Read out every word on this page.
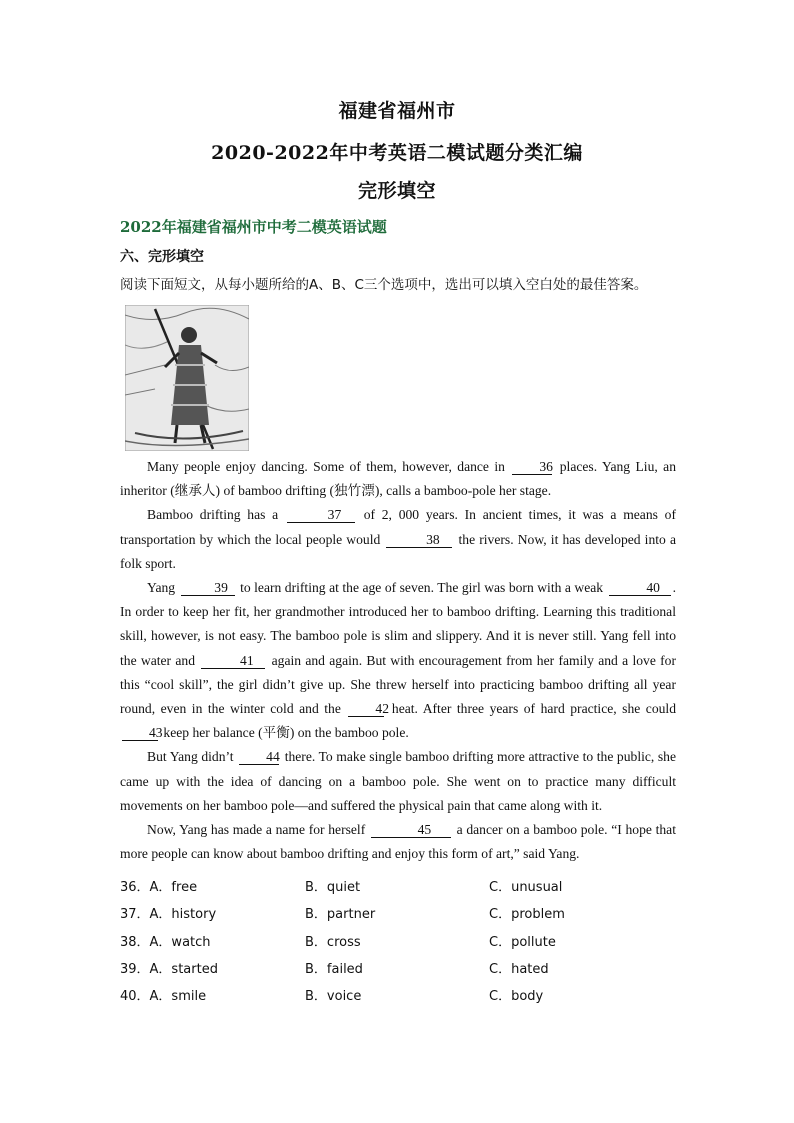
福建省福州市
2020-2022年中考英语二模试题分类汇编
完形填空
2022年福建省福州市中考二模英语试题
六、完形填空
阅读下面短文，从每小题所给的A、B、C三个选项中，选出可以填入空白处的最佳答案。

Many people enjoy dancing. Some of them, however, dance in	36 places. Yang Liu, an inheritor (继承人) of bamboo drifting (独竹漂), calls a bamboo-pole her stage.

Bamboo drifting has a	37 of 2, 000 years. In ancient times, it was a means of transportation by which the local people would	38 the rivers. Now, it has developed into a folk sport.

Yang	39 to learn drifting at the age of seven. The girl was born with a weak	40 . In order to keep her fit, her grandmother introduced her to bamboo drifting. Learning this traditional skill, however, is not easy. The bamboo pole is slim and slippery. And it is never still. Yang fell into the water and	41 again and again. But with encouragement from her family and a love for this “cool skill”, the girl didn’t give up. She threw herself into practicing bamboo drifting all year round, even in the winter cold and the	42 heat. After three years of hard practice, she could 43 keep her balance (平衡) on the bamboo pole.

But Yang didn’t 44 there. To make single bamboo drifting more attractive to the public, she came up with the idea of dancing on a bamboo pole. She went on to practice many difficult movements on her bamboo pole—and suffered the physical pain that came along with it.

Now, Yang has made a name for herself	45 a dancer on a bamboo pole. “I hope that more people can know about bamboo drifting and enjoy this form of art,” said Yang.

36．A．free	B．quiet	C．unusual
37．A．history	B．partner	C．problem
38．A．watch	B．cross	C．pollute
39．A．started	B．failed	C．hated
40．A．smile	B．voice	C．body
